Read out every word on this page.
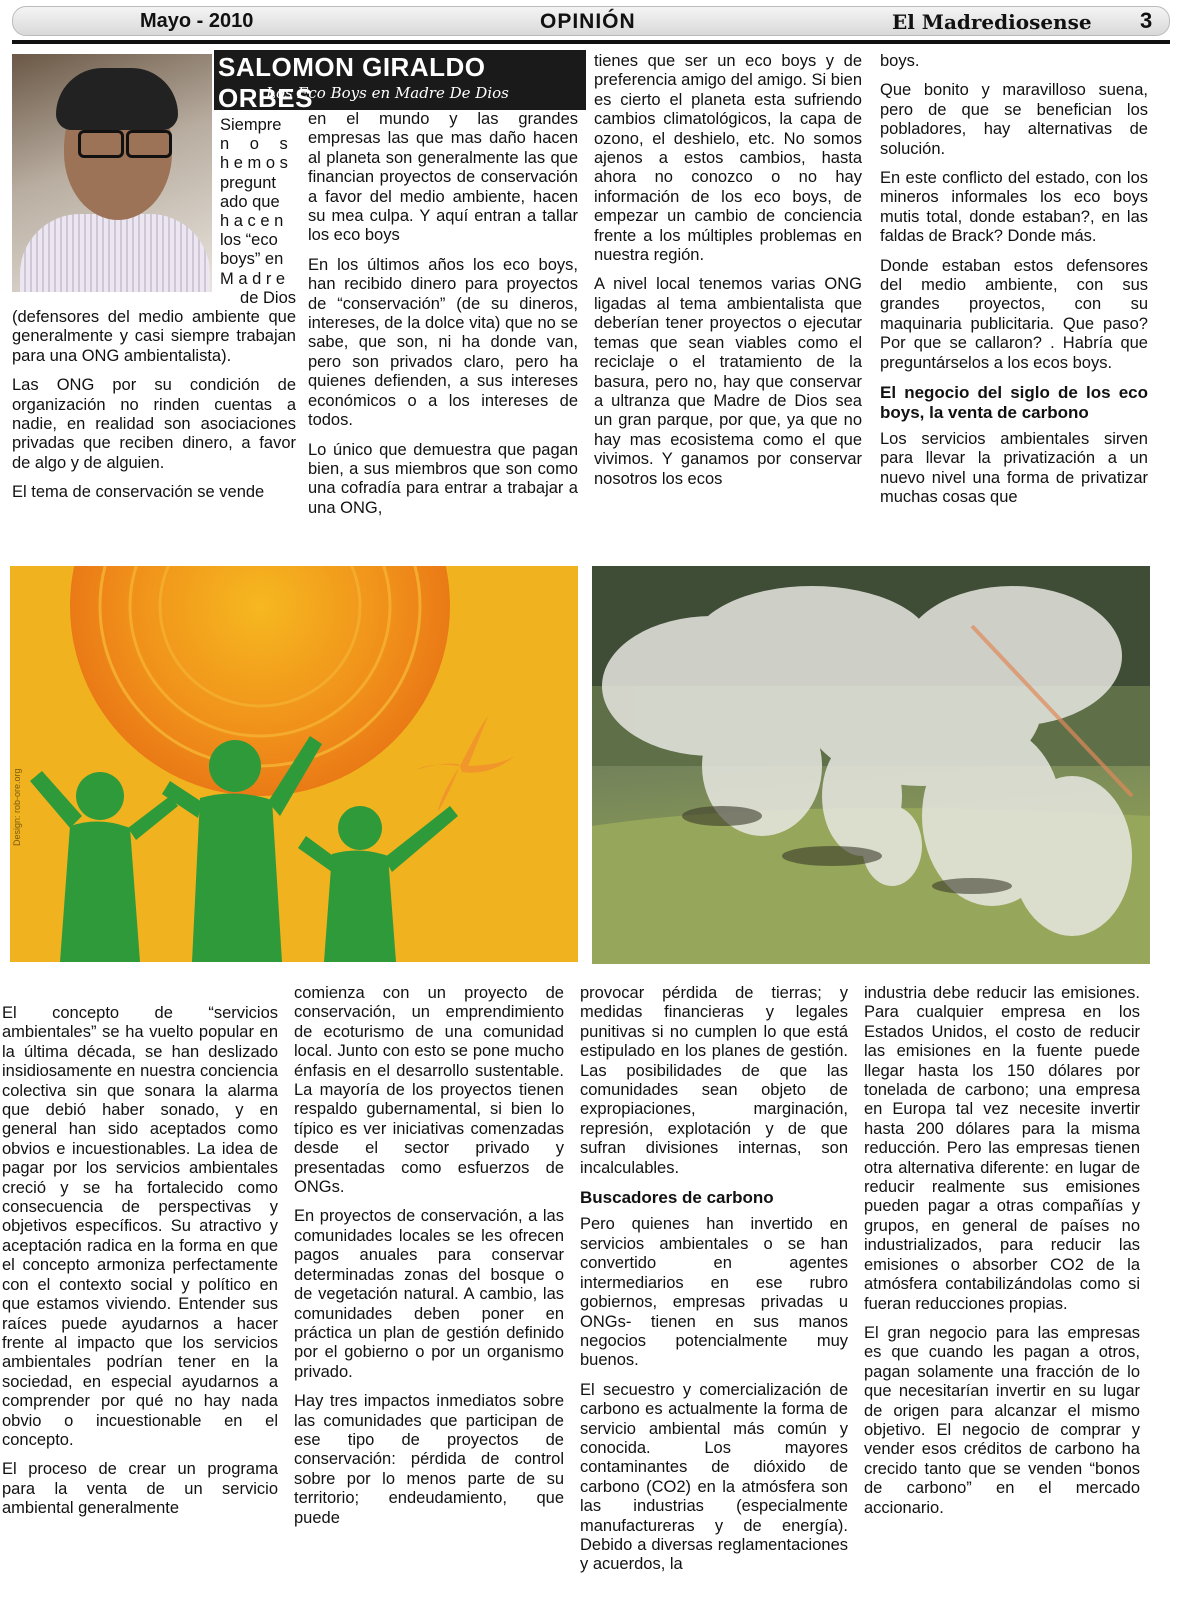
Mayo - 2010	OPINIÓN	El Madrediosense 3
SALOMON GIRALDO ORBES
Los Eco Boys en Madre De Dios
Siempre
n o s
h e m o s
pregunt
ado que
h a c e n
los “eco
boys” en
M a d r e
de Dios

(defensores del medio ambiente que generalmente y casi siempre trabajan para una ONG ambientalista).

Las ONG por su condición de organización no rinden cuentas a nadie, en realidad son asociaciones privadas que reciben dinero, a favor de algo y de alguien.

El tema de conservación se vende

en el mundo y las grandes empresas las que mas daño hacen al planeta son generalmente las que financian proyectos de conservación a favor del medio ambiente, hacen su mea culpa. Y aquí entran a tallar los eco boys

En los últimos años los eco boys, han recibido dinero para proyectos de “conservación” (de su dineros, intereses, de la dolce vita) que no se sabe, que son, ni ha donde van, pero son privados claro, pero ha quienes defienden, a sus intereses económicos o a los intereses de todos.

Lo único que demuestra que pagan bien, a sus miembros que son como una cofradía para entrar a trabajar a una ONG,

tienes que ser un eco boys y de preferencia amigo del amigo. Si bien es cierto el planeta esta sufriendo cambios climatológicos, la capa de ozono, el deshielo, etc. No somos ajenos a estos cambios, hasta ahora no conozco o no hay información de los eco boys, de empezar un cambio de conciencia frente a los múltiples problemas en nuestra región.

A nivel local tenemos varias ONG ligadas al tema ambientalista que deberían tener proyectos o ejecutar temas que sean viables como el reciclaje o el tratamiento de la basura, pero no, hay que conservar a ultranza que Madre de Dios sea un gran parque, por que, ya que no hay mas ecosistema como el que vivimos. Y ganamos por conservar nosotros los ecos

boys.

Que bonito y maravilloso suena, pero de que se benefician los pobladores, hay alternativas de solución.

En este conflicto del estado, con los mineros informales los eco boys mutis total, donde estaban?, en las faldas de Brack? Donde más.

Donde estaban estos defensores del medio ambiente, con sus grandes proyectos, con su maquinaria publicitaria. Que paso? Por que se callaron? . Habría que preguntárselos a los ecos boys.

El negocio del siglo de los eco boys, la venta de carbono

Los servicios ambientales sirven para llevar la privatización a un nuevo nivel una forma de privatizar muchas cosas que

Design: rob-ore.org

El concepto de “servicios ambientales” se ha vuelto popular en la última década, se han deslizado insidiosamente en nuestra conciencia colectiva sin que sonara la alarma que debió haber sonado, y en general han sido aceptados como obvios e incuestionables. La idea de pagar por los servicios ambientales creció y se ha fortalecido como consecuencia de perspectivas y objetivos específicos. Su atractivo y aceptación radica en la forma en que el concepto armoniza perfectamente con el contexto social y político en que estamos viviendo. Entender sus raíces puede ayudarnos a hacer frente al impacto que los servicios ambientales podrían tener en la sociedad, en especial ayudarnos a comprender por qué no hay nada obvio o incuestionable en el concepto.

El proceso de crear un programa para la venta de un servicio ambiental generalmente

comienza con un proyecto de conservación, un emprendimiento de ecoturismo de una comunidad local. Junto con esto se pone mucho énfasis en el desarrollo sustentable. La mayoría de los proyectos tienen respaldo gubernamental, si bien lo típico es ver iniciativas comenzadas desde el sector privado y presentadas como esfuerzos de ONGs.

En proyectos de conservación, a las comunidades locales se les ofrecen pagos anuales para conservar determinadas zonas del bosque o de vegetación natural. A cambio, las comunidades deben poner en práctica un plan de gestión definido por el gobierno o por un organismo privado.

Hay tres impactos inmediatos sobre las comunidades que participan de ese tipo de proyectos de conservación: pérdida de control sobre por lo menos parte de su territorio; endeudamiento, que puede

provocar pérdida de tierras; y medidas financieras y legales punitivas si no cumplen lo que está estipulado en los planes de gestión. Las posibilidades de que las comunidades sean objeto de expropiaciones, marginación, represión, explotación y de que sufran divisiones internas, son incalculables.

Buscadores de carbono

Pero quienes han invertido en servicios ambientales o se han convertido en agentes intermediarios en ese rubro gobiernos, empresas privadas u ONGs- tienen en sus manos negocios potencialmente muy buenos.

El secuestro y comercialización de carbono es actualmente la forma de servicio ambiental más común y conocida. Los mayores contaminantes de dióxido de carbono (CO2) en la atmósfera son las industrias (especialmente manufactureras y de energía). Debido a diversas reglamentaciones y acuerdos, la

industria debe reducir las emisiones. Para cualquier empresa en los Estados Unidos, el costo de reducir las emisiones en la fuente puede llegar hasta los 150 dólares por tonelada de carbono; una empresa en Europa tal vez necesite invertir hasta 200 dólares para la misma reducción. Pero las empresas tienen otra alternativa diferente: en lugar de reducir realmente sus emisiones pueden pagar a otras compañías y grupos, en general de países no industrializados, para reducir las emisiones o absorber CO2 de la atmósfera contabilizándolas como si fueran reducciones propias.

El gran negocio para las empresas es que cuando les pagan a otros, pagan solamente una fracción de lo que necesitarían invertir en su lugar de origen para alcanzar el mismo objetivo. El negocio de comprar y vender esos créditos de carbono ha crecido tanto que se venden “bonos de carbono” en el mercado accionario.
